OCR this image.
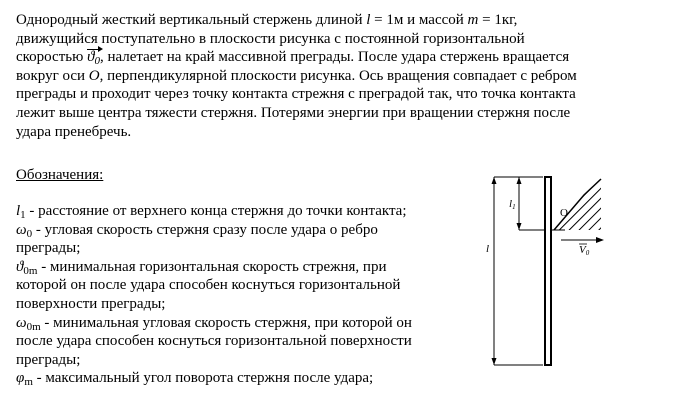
Однородный жесткий вертикальный стержень длиной l = 1м и массой m = 1кг,
движущийся поступательно в плоскости рисунка с постоянной горизонтальной
скоростью $ϑ_0$, налетает на край массивной преграды. После удара стержень вращается
вокруг оси O, перпендикулярной плоскости рисунка. Ось вращения совпадает с ребром
преграды и проходит через точку контакта стрежня с преградой так, что точка контакта
лежит выше центра тяжести стержня. Потерями энергии при вращении стержня после
удара пренебречь.
Обозначения:
$l_1$ - расстояние от верхнего конца стержня до точки контакта;
$\omega_0$ - угловая скорость стержня сразу после удара о ребро
преграды;
$ϑ_{0m}$ - минимальная горизонтальная скорость стрежня, при
которой он после удара способен коснуться горизонтальной
поверхности преграды;
$\omega_{0m}$ - минимальная угловая скорость стержня, при которой он
после удара способен коснуться горизонтальной поверхности
преграды;
$\varphi_m$ - максимальный угол поворота стержня после удара;
l1
l
O
V0
